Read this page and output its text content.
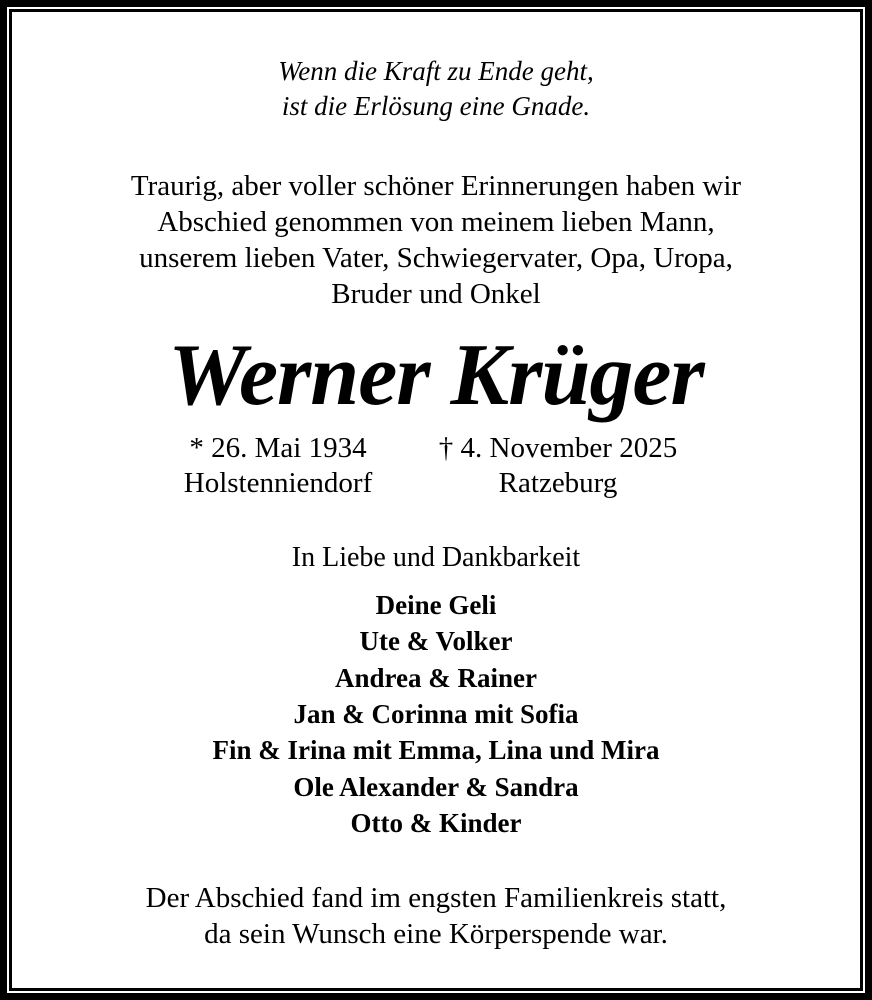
Wenn die Kraft zu Ende geht,
ist die Erlösung eine Gnade.
Traurig, aber voller schöner Erinnerungen haben wir
Abschied genommen von meinem lieben Mann,
unserem lieben Vater, Schwiegervater, Opa, Uropa,
Bruder und Onkel
Werner Krüger
* 26. Mai 1934
Holstenniendorf
† 4. November 2025
Ratzeburg
In Liebe und Dankbarkeit
Deine Geli
Ute & Volker
Andrea & Rainer
Jan & Corinna mit Sofia
Fin & Irina mit Emma, Lina und Mira
Ole Alexander & Sandra
Otto & Kinder
Der Abschied fand im engsten Familienkreis statt,
da sein Wunsch eine Körperspende war.
